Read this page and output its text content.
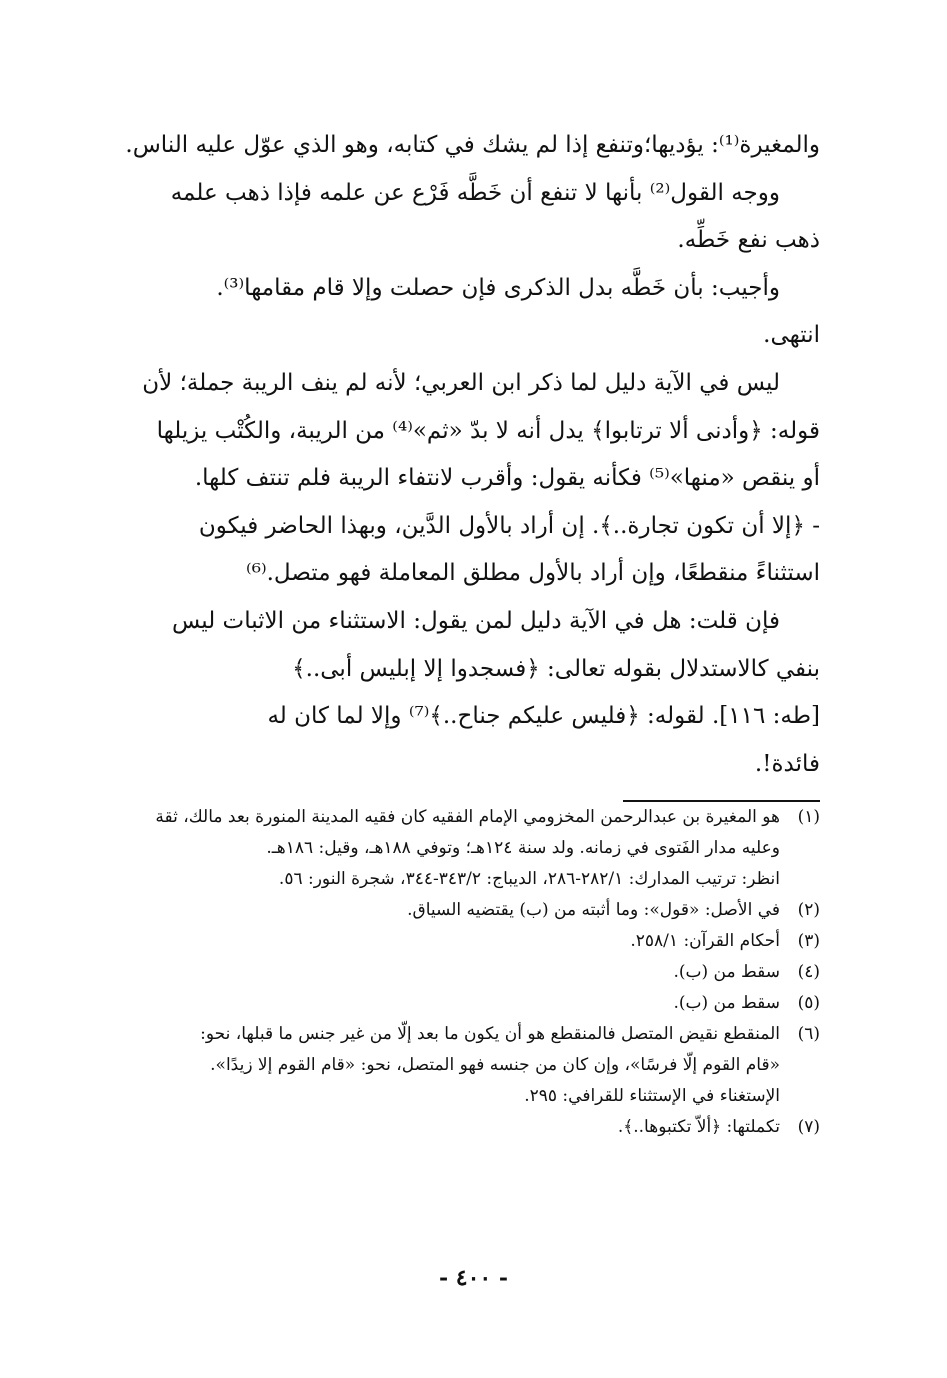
والمغيرة⁽¹⁾: يؤديها؛وتنفع إذا لم يشك في كتابه، وهو الذي عوّل عليه الناس.

ووجه القول⁽²⁾ بأنها لا تنفع أن خَطَّه فَرْع عن علمه فإذا ذهب علمه

ذهب نفع خَطِّه.

وأجيب: بأن خَطَّه بدل الذكرى فإن حصلت وإلا قام مقامها⁽³⁾.

انتهى.

ليس في الآية دليل لما ذكر ابن العربي؛ لأنه لم ينف الريبة جملة؛ لأن

قوله: ﴿وأدنى ألا ترتابوا﴾ يدل أنه لا بدّ «ثم»⁽⁴⁾ من الريبة، والكُتْب يزيلها

أو ينقص «منها»⁽⁵⁾ فكأنه يقول: وأقرب لانتفاء الريبة فلم تنتف كلها.

- ﴿إلا أن تكون تجارة..﴾. إن أراد بالأول الدَّين، وبهذا الحاضر فيكون

استثناءً منقطعًا، وإن أراد بالأول مطلق المعاملة فهو متصل.⁽⁶⁾

فإن قلت: هل في الآية دليل لمن يقول: الاستثناء من الاثبات ليس

بنفي كالاستدلال بقوله تعالى: ﴿فسجدوا إلا إبليس أبى..﴾

[طه: ١١٦]. لقوله: ﴿فليس عليكم جناح..﴾⁽⁷⁾ وإلا لما كان له

فائدة!.

(١)
هو المغيرة بن عبدالرحمن المخزومي الإمام الفقيه كان فقيه المدينة المنورة بعد مالك، ثقة
وعليه مدار الفَتوى في زمانه. ولد سنة ١٢٤هـ؛ وتوفي ١٨٨هـ، وقيل: ١٨٦هـ.
انظر: ترتيب المدارك: ٢٨٢/١-٢٨٦، الديباج: ٣٤٣/٢-٣٤٤، شجرة النور: ٥٦.
(٢)
في الأصل: «قول»: وما أثبته من (ب) يقتضيه السياق.
(٣)
أحكام القرآن: ٢٥٨/١.
(٤)
سقط من (ب).
(٥)
سقط من (ب).
(٦)
المنقطع نقيض المتصل فالمنقطع هو أن يكون ما بعد إلّا من غير جنس ما قبلها، نحو:
«قام القوم إلّا فرسًا»، وإن كان من جنسه فهو المتصل، نحو: «قام القوم إلا زيدًا».
الإستغناء في الإستثناء للقرافي: ٢٩٥.
(٧)
تكملتها: ﴿ألاّ تكتبوها..﴾.
- ٤٠٠ -
